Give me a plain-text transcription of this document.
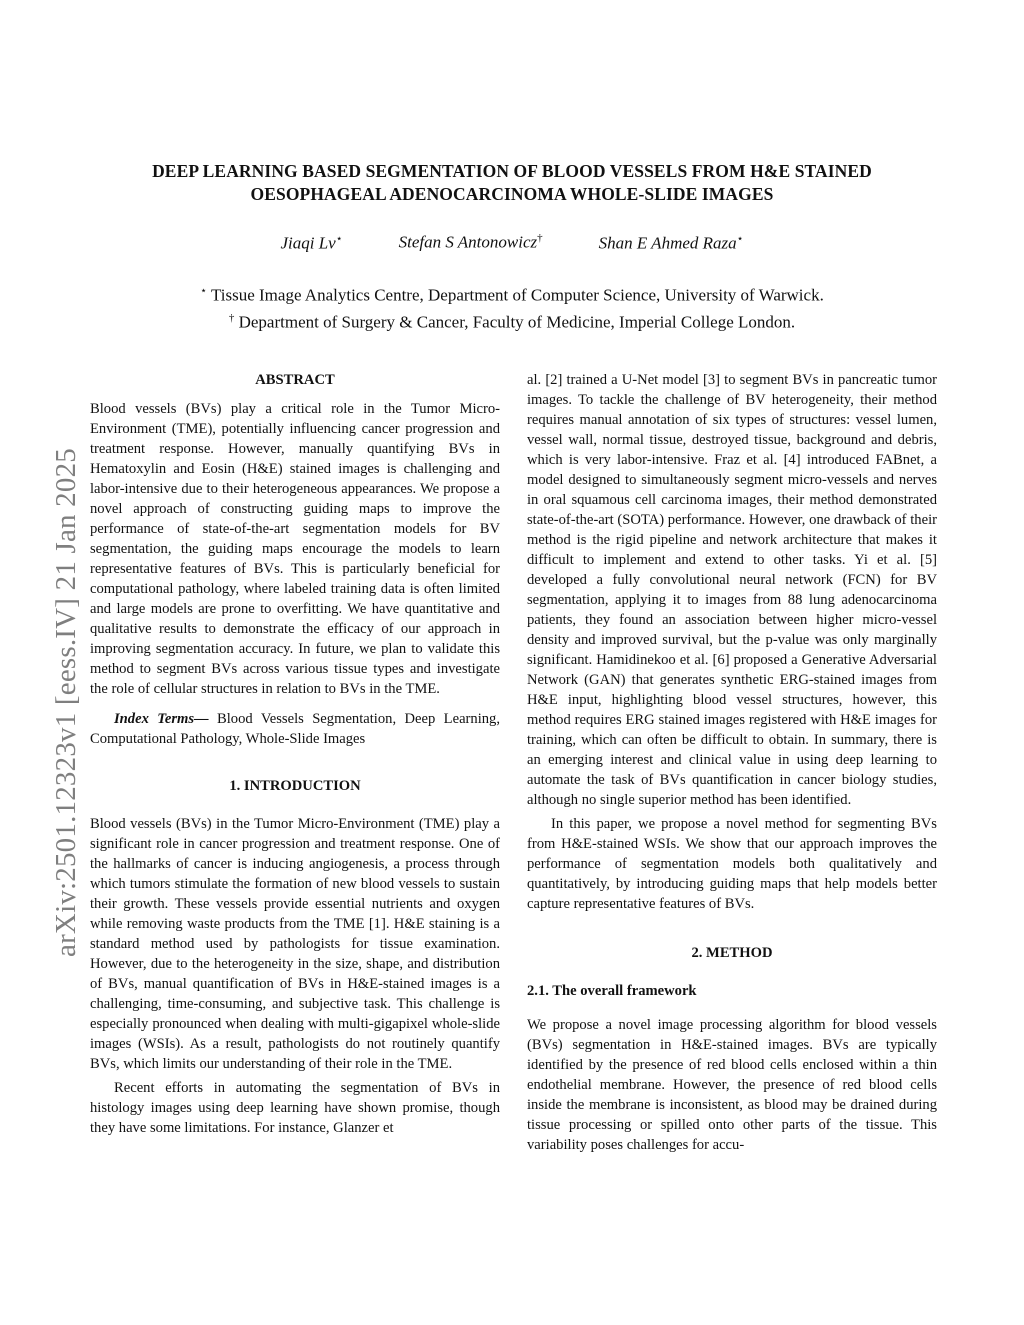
arXiv:2501.12323v1 [eess.IV] 21 Jan 2025
DEEP LEARNING BASED SEGMENTATION OF BLOOD VESSELS FROM H&E STAINED
OESOPHAGEAL ADENOCARCINOMA WHOLE-SLIDE IMAGES
Jiaqi Lv⋆	Stefan S Antonowicz†	Shan E Ahmed Raza⋆
⋆ Tissue Image Analytics Centre, Department of Computer Science, University of Warwick.
† Department of Surgery & Cancer, Faculty of Medicine, Imperial College London.

ABSTRACT

Blood vessels (BVs) play a critical role in the Tumor Micro-Environment (TME), potentially influencing cancer progression and treatment response. However, manually quantifying BVs in Hematoxylin and Eosin (H&E) stained images is challenging and labor-intensive due to their heterogeneous appearances. We propose a novel approach of constructing guiding maps to improve the performance of state-of-the-art segmentation models for BV segmentation, the guiding maps encourage the models to learn representative features of BVs. This is particularly beneficial for computational pathology, where labeled training data is often limited and large models are prone to overfitting. We have quantitative and qualitative results to demonstrate the efficacy of our approach in improving segmentation accuracy. In future, we plan to validate this method to segment BVs across various tissue types and investigate the role of cellular structures in relation to BVs in the TME.

Index Terms— Blood Vessels Segmentation, Deep Learning, Computational Pathology, Whole-Slide Images

1. INTRODUCTION

Blood vessels (BVs) in the Tumor Micro-Environment (TME) play a significant role in cancer progression and treatment response. One of the hallmarks of cancer is inducing angiogenesis, a process through which tumors stimulate the formation of new blood vessels to sustain their growth. These vessels provide essential nutrients and oxygen while removing waste products from the TME [1]. H&E staining is a standard method used by pathologists for tissue examination. However, due to the heterogeneity in the size, shape, and distribution of BVs, manual quantification of BVs in H&E-stained images is a challenging, time-consuming, and subjective task. This challenge is especially pronounced when dealing with multi-gigapixel whole-slide images (WSIs). As a result, pathologists do not routinely quantify BVs, which limits our understanding of their role in the TME.

Recent efforts in automating the segmentation of BVs in histology images using deep learning have shown promise, though they have some limitations. For instance, Glanzer et

al. [2] trained a U-Net model [3] to segment BVs in pancreatic tumor images. To tackle the challenge of BV heterogeneity, their method requires manual annotation of six types of structures: vessel lumen, vessel wall, normal tissue, destroyed tissue, background and debris, which is very labor-intensive. Fraz et al. [4] introduced FABnet, a model designed to simultaneously segment micro-vessels and nerves in oral squamous cell carcinoma images, their method demonstrated state-of-the-art (SOTA) performance. However, one drawback of their method is the rigid pipeline and network architecture that makes it difficult to implement and extend to other tasks. Yi et al. [5] developed a fully convolutional neural network (FCN) for BV segmentation, applying it to images from 88 lung adenocarcinoma patients, they found an association between higher micro-vessel density and improved survival, but the p-value was only marginally significant. Hamidinekoo et al. [6] proposed a Generative Adversarial Network (GAN) that generates synthetic ERG-stained images from H&E input, highlighting blood vessel structures, however, this method requires ERG stained images registered with H&E images for training, which can often be difficult to obtain. In summary, there is an emerging interest and clinical value in using deep learning to automate the task of BVs quantification in cancer biology studies, although no single superior method has been identified.

In this paper, we propose a novel method for segmenting BVs from H&E-stained WSIs. We show that our approach improves the performance of segmentation models both qualitatively and quantitatively, by introducing guiding maps that help models better capture representative features of BVs.

2. METHOD

2.1. The overall framework

We propose a novel image processing algorithm for blood vessels (BVs) segmentation in H&E-stained images. BVs are typically identified by the presence of red blood cells enclosed within a thin endothelial membrane. However, the presence of red blood cells inside the membrane is inconsistent, as blood may be drained during tissue processing or spilled onto other parts of the tissue. This variability poses challenges for accu-
